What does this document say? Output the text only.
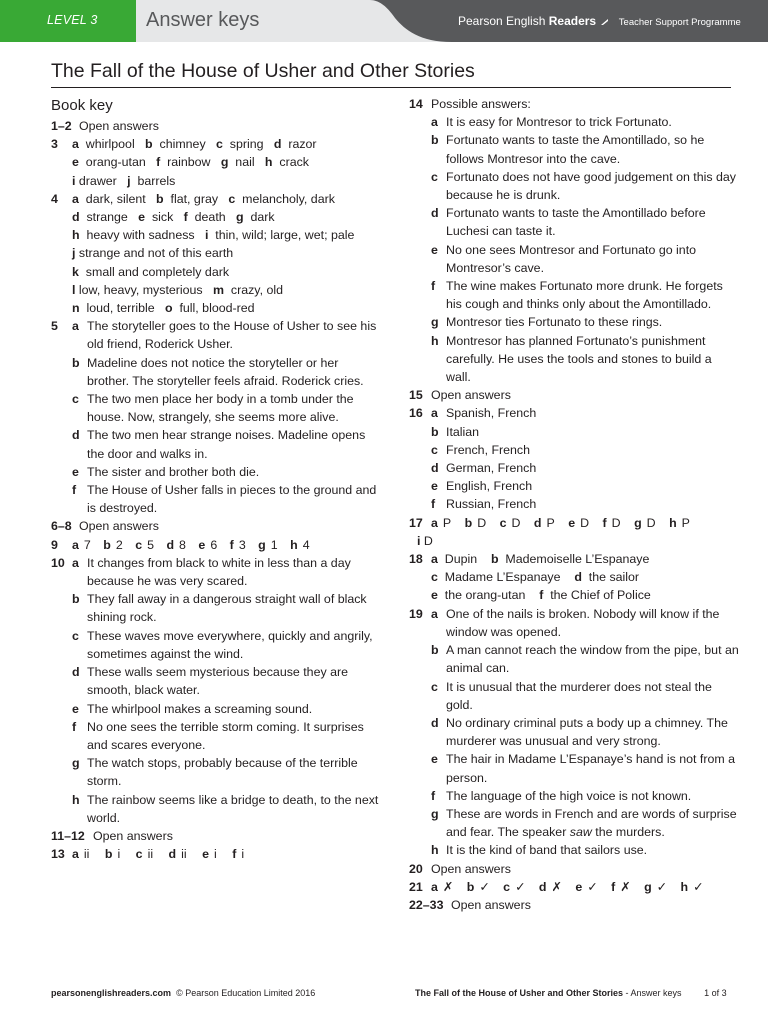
LEVEL 3 Answer keys	Pearson English Readers Teacher Support Programme
The Fall of the House of Usher and Other Stories
Book key
1–2 Open answers
3 a whirlpool b chimney c spring d razor
e orang-utan f rainbow g nail h crack
i drawer j barrels
4 a dark, silent b flat, gray c melancholy, dark
d strange e sick f death g dark
h heavy with sadness i thin, wild; large, wet; pale
j strange and not of this earth
k small and completely dark
l low, heavy, mysterious m crazy, old
n loud, terrible o full, blood-red
5 a The storyteller goes to the House of Usher to see his old friend, Roderick Usher.
b Madeline does not notice the storyteller or her brother. The storyteller feels afraid. Roderick cries.
c The two men place her body in a tomb under the house. Now, strangely, she seems more alive.
d The two men hear strange noises. Madeline opens the door and walks in.
e The sister and brother both die.
f The House of Usher falls in pieces to the ground and is destroyed.
6–8 Open answers
9 a 7 b 2 c 5 d 8 e 6 f 3 g 1 h 4
10 a It changes from black to white in less than a day because he was very scared.
b They fall away in a dangerous straight wall of black shining rock.
c These waves move everywhere, quickly and angrily, sometimes against the wind.
d These walls seem mysterious because they are smooth, black water.
e The whirlpool makes a screaming sound.
f No one sees the terrible storm coming. It surprises and scares everyone.
g The watch stops, probably because of the terrible storm.
h The rainbow seems like a bridge to death, to the next world.
11–12 Open answers
13 a ii b i c ii d ii e i f i
14 Possible answers:
a It is easy for Montresor to trick Fortunato.
b Fortunato wants to taste the Amontillado, so he follows Montresor into the cave.
c Fortunato does not have good judgement on this day because he is drunk.
d Fortunato wants to taste the Amontillado before Luchesi can taste it.
e No one sees Montresor and Fortunato go into Montresor’s cave.
f The wine makes Fortunato more drunk. He forgets his cough and thinks only about the Amontillado.
g Montresor ties Fortunato to these rings.
h Montresor has planned Fortunato’s punishment carefully. He uses the tools and stones to build a wall.
15 Open answers
16 a Spanish, French
b Italian
c French, French
d German, French
e English, French
f Russian, French
17 a P b D c D d P e D f D g D h P
i D
18 a Dupin b Mademoiselle L’Espanaye
c Madame L’Espanaye d the sailor
e the orang-utan f the Chief of Police
19 a One of the nails is broken. Nobody will know if the window was opened.
b A man cannot reach the window from the pipe, but an animal can.
c It is unusual that the murderer does not steal the gold.
d No ordinary criminal puts a body up a chimney. The murderer was unusual and very strong.
e The hair in Madame L’Espanaye’s hand is not from a person.
f The language of the high voice is not known.
g These are words in French and are words of surprise and fear. The speaker saw the murders.
h It is the kind of band that sailors use.
20 Open answers
21 a ✗ b ✓ c ✓ d ✗ e ✓ f ✗ g ✓ h ✓
22–33 Open answers
pearsonenglishreaders.com © Pearson Education Limited 2016	The Fall of the House of Usher and Other Stories - Answer keys	1 of 3
